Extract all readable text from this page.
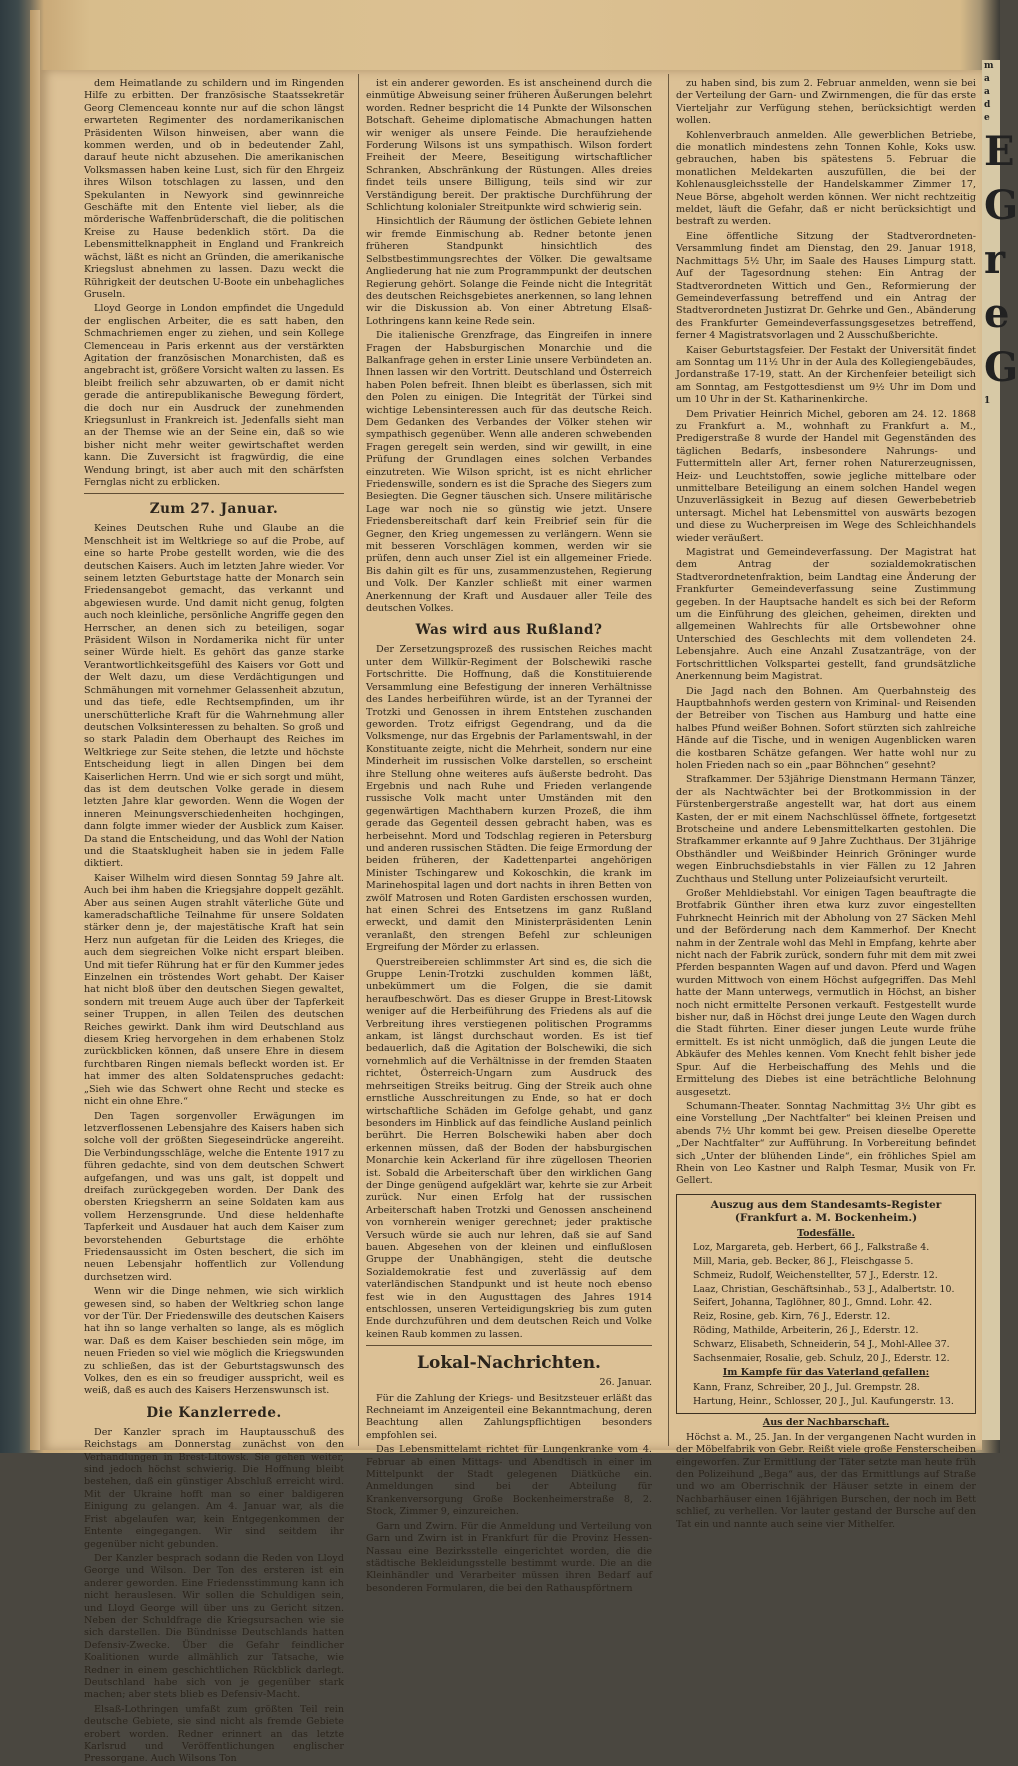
dem Heimatlande zu schildern und im Ringenden Hilfe zu erbitten. Der französische Staatssekretär Georg Clemenceau konnte nur auf die schon längst erwarteten Regimenter des nordamerikanischen Präsidenten Wilson hinweisen, aber wann die kommen werden, und ob in bedeutender Zahl, darauf heute nicht abzusehen. Die amerikanischen Volksmassen haben keine Lust, sich für den Ehrgeiz ihres Wilson totschlagen zu lassen, und den Spekulanten in Newyork sind gewinnreiche Geschäfte mit den Entente viel lieber, als die mörderische Waffenbrüderschaft, die die politischen Kreise zu Hause bedenklich stört. Da die Lebensmittelknappheit in England und Frankreich wächst, läßt es nicht an Gründen, die amerikanische Kriegslust abnehmen zu lassen. Dazu weckt die Rührigkeit der deutschen U-Boote ein unbehagliches Gruseln.

Lloyd George in London empfindet die Ungeduld der englischen Arbeiter, die es satt haben, den Schmachriemen enger zu ziehen, und sein Kollege Clemenceau in Paris erkennt aus der verstärkten Agitation der französischen Monarchisten, daß es angebracht ist, größere Vorsicht walten zu lassen. Es bleibt freilich sehr abzuwarten, ob er damit nicht gerade die antirepublikanische Bewegung fördert, die doch nur ein Ausdruck der zunehmenden Kriegsunlust in Frankreich ist. Jedenfalls sieht man an der Themse wie an der Seine ein, daß so wie bisher nicht mehr weiter gewirtschaftet werden kann. Die Zuversicht ist fragwürdig, die eine Wendung bringt, ist aber auch mit den schärfsten Fernglas nicht zu erblicken.

Zum 27. Januar.

Keines Deutschen Ruhe und Glaube an die Menschheit ist im Weltkriege so auf die Probe, auf eine so harte Probe gestellt worden, wie die des deutschen Kaisers. Auch im letzten Jahre wieder. Vor seinem letzten Geburtstage hatte der Monarch sein Friedensangebot gemacht, das verkannt und abgewiesen wurde. Und damit nicht genug, folgten auch noch kleinliche, persönliche Angriffe gegen den Herrscher, an denen sich zu beteiligen, sogar Präsident Wilson in Nordamerika nicht für unter seiner Würde hielt. Es gehört das ganze starke Verantwortlichkeitsgefühl des Kaisers vor Gott und der Welt dazu, um diese Verdächtigungen und Schmähungen mit vornehmer Gelassenheit abzutun, und das tiefe, edle Rechtsempfinden, um ihr unerschütterliche Kraft für die Wahrnehmung aller deutschen Volksinteressen zu behalten. So groß und so stark Paladin dem Oberhaupt des Reiches im Weltkriege zur Seite stehen, die letzte und höchste Entscheidung liegt in allen Dingen bei dem Kaiserlichen Herrn. Und wie er sich sorgt und müht, das ist dem deutschen Volke gerade in diesem letzten Jahre klar geworden. Wenn die Wogen der inneren Meinungsverschiedenheiten hochgingen, dann folgte immer wieder der Ausblick zum Kaiser. Da stand die Entscheidung, und das Wohl der Nation und die Staatsklugheit haben sie in jedem Falle diktiert.

Kaiser Wilhelm wird diesen Sonntag 59 Jahre alt. Auch bei ihm haben die Kriegsjahre doppelt gezählt. Aber aus seinen Augen strahlt väterliche Güte und kameradschaftliche Teilnahme für unsere Soldaten stärker denn je, der majestätische Kraft hat sein Herz nun aufgetan für die Leiden des Krieges, die auch dem siegreichen Volke nicht erspart bleiben. Und mit tiefer Rührung hat er für den Kummer jedes Einzelnen ein tröstendes Wort gehabt. Der Kaiser hat nicht bloß über den deutschen Siegen gewaltet, sondern mit treuem Auge auch über der Tapferkeit seiner Truppen, in allen Teilen des deutschen Reiches gewirkt. Dank ihm wird Deutschland aus diesem Krieg hervorgehen in dem erhabenen Stolz zurückblicken können, daß unsere Ehre in diesem furchtbaren Ringen niemals befleckt worden ist. Er hat immer des alten Soldatenspruches gedacht: „Sieh wie das Schwert ohne Recht und stecke es nicht ein ohne Ehre.“

Den Tagen sorgenvoller Erwägungen im letzverflossenen Lebensjahre des Kaisers haben sich solche voll der größten Siegeseindrücke angereiht. Die Verbindungsschläge, welche die Entente 1917 zu führen gedachte, sind von dem deutschen Schwert aufgefangen, und was uns galt, ist doppelt und dreifach zurückgegeben worden. Der Dank des obersten Kriegsherrn an seine Soldaten kam aus vollem Herzensgrunde. Und diese heldenhafte Tapferkeit und Ausdauer hat auch dem Kaiser zum bevorstehenden Geburtstage die erhöhte Friedensaussicht im Osten beschert, die sich im neuen Lebensjahr hoffentlich zur Vollendung durchsetzen wird.

Wenn wir die Dinge nehmen, wie sich wirklich gewesen sind, so haben der Weltkrieg schon lange vor der Tür. Der Friedenswille des deutschen Kaisers hat ihn so lange verhalten so lange, als es möglich war. Daß es dem Kaiser beschieden sein möge, im neuen Frieden so viel wie möglich die Kriegswunden zu schließen, das ist der Geburtstagswunsch des Volkes, den es ein so freudiger ausspricht, weil es weiß, daß es auch des Kaisers Herzenswunsch ist.

Die Kanzlerrede.

Der Kanzler sprach im Hauptausschuß des Reichstags am Donnerstag zunächst von den Verhandlungen in Brest-Litowsk. Sie gehen weiter, sind jedoch höchst schwierig. Die Hoffnung bleibt bestehen, daß ein günstiger Abschluß erreicht wird. Mit der Ukraine hofft man so einer baldigeren Einigung zu gelangen. Am 4. Januar war, als die Frist abgelaufen war, kein Entgegenkommen der Entente eingegangen. Wir sind seitdem ihr gegenüber nicht gebunden.

Der Kanzler besprach sodann die Reden von Lloyd George und Wilson. Der Ton des ersteren ist ein anderer geworden. Eine Friedensstimmung kann ich nicht herauslesen. Wir sollen die Schuldigen sein, und Lloyd George will über uns zu Gericht sitzen. Neben der Schuldfrage die Kriegsursachen wie sie sich darstellen. Die Bündnisse Deutschlands hatten Defensiv-Zwecke. Über die Gefahr feindlicher Koalitionen wurde allmählich zur Tatsache, wie Redner in einem geschichtlichen Rückblick darlegt. Deutschland habe sich von je gegenüber stark machen; aber stets blieb es Defensiv-Macht.

Elsaß-Lothringen umfaßt zum größten Teil rein deutsche Gebiete, sie sind nicht als fremde Gebiete erobert worden. Redner erinnert an das letzte Karlsrud und Veröffentlichungen englischer Pressorgane. Auch Wilsons Ton

ist ein anderer geworden. Es ist anscheinend durch die einmütige Abweisung seiner früheren Äußerungen belehrt worden. Redner bespricht die 14 Punkte der Wilsonschen Botschaft. Geheime diplomatische Abmachungen hatten wir weniger als unsere Feinde. Die heraufziehende Forderung Wilsons ist uns sympathisch. Wilson fordert Freiheit der Meere, Beseitigung wirtschaftlicher Schranken, Abschränkung der Rüstungen. Alles dreies findet teils unsere Billigung, teils sind wir zur Verständigung bereit. Der praktische Durchführung der Schlichtung kolonialer Streitpunkte wird schwierig sein.

Hinsichtlich der Räumung der östlichen Gebiete lehnen wir fremde Einmischung ab. Redner betonte jenen früheren Standpunkt hinsichtlich des Selbstbestimmungsrechtes der Völker. Die gewaltsame Angliederung hat nie zum Programmpunkt der deutschen Regierung gehört. Solange die Feinde nicht die Integrität des deutschen Reichsgebietes anerkennen, so lang lehnen wir die Diskussion ab. Von einer Abtretung Elsaß-Lothringens kann keine Rede sein.

Die italienische Grenzfrage, das Eingreifen in innere Fragen der Habsburgischen Monarchie und die Balkanfrage gehen in erster Linie unsere Verbündeten an. Ihnen lassen wir den Vortritt. Deutschland und Österreich haben Polen befreit. Ihnen bleibt es überlassen, sich mit den Polen zu einigen. Die Integrität der Türkei sind wichtige Lebensinteressen auch für das deutsche Reich. Dem Gedanken des Verbandes der Völker stehen wir sympathisch gegenüber. Wenn alle anderen schwebenden Fragen geregelt sein werden, sind wir gewillt, in eine Prüfung der Grundlagen eines solchen Verbandes einzutreten. Wie Wilson spricht, ist es nicht ehrlicher Friedenswille, sondern es ist die Sprache des Siegers zum Besiegten. Die Gegner täuschen sich. Unsere militärische Lage war noch nie so günstig wie jetzt. Unsere Friedensbereitschaft darf kein Freibrief sein für die Gegner, den Krieg ungemessen zu verlängern. Wenn sie mit besseren Vorschlägen kommen, werden wir sie prüfen, denn auch unser Ziel ist ein allgemeiner Friede. Bis dahin gilt es für uns, zusammenzustehen, Regierung und Volk. Der Kanzler schließt mit einer warmen Anerkennung der Kraft und Ausdauer aller Teile des deutschen Volkes.

Was wird aus Rußland?

Der Zersetzungsprozeß des russischen Reiches macht unter dem Willkür-Regiment der Bolschewiki rasche Fortschritte. Die Hoffnung, daß die Konstituierende Versammlung eine Befestigung der inneren Verhältnisse des Landes herbeiführen würde, ist an der Tyrannei der Trotzki und Genossen in ihrem Entstehen zuschanden geworden. Trotz eifrigst Gegendrang, und da die Volksmenge, nur das Ergebnis der Parlamentswahl, in der Konstituante zeigte, nicht die Mehrheit, sondern nur eine Minderheit im russischen Volke darstellen, so erscheint ihre Stellung ohne weiteres aufs äußerste bedroht. Das Ergebnis und nach Ruhe und Frieden verlangende russische Volk macht unter Umständen mit den gegenwärtigen Machthabern kurzen Prozeß, die ihm gerade das Gegenteil dessen gebracht haben, was es herbeisehnt. Mord und Todschlag regieren in Petersburg und anderen russischen Städten. Die feige Ermordung der beiden früheren, der Kadettenpartei angehörigen Minister Tschingarew und Kokoschkin, die krank im Marinehospital lagen und dort nachts in ihren Betten von zwölf Matrosen und Roten Gardisten erschossen wurden, hat einen Schrei des Entsetzens im ganz Rußland erweckt, und damit den Ministerpräsidenten Lenin veranlaßt, den strengen Befehl zur schleunigen Ergreifung der Mörder zu erlassen.

Querstreibereien schlimmster Art sind es, die sich die Gruppe Lenin-Trotzki zuschulden kommen läßt, unbekümmert um die Folgen, die sie damit heraufbeschwört. Das es dieser Gruppe in Brest-Litowsk weniger auf die Herbeiführung des Friedens als auf die Verbreitung ihres verstiegenen politischen Programms ankam, ist längst durchschaut worden. Es ist tief bedauerlich, daß die Agitation der Bolschewiki, die sich vornehmlich auf die Verhältnisse in der fremden Staaten richtet, Österreich-Ungarn zum Ausdruck des mehrseitigen Streiks beitrug. Ging der Streik auch ohne ernstliche Ausschreitungen zu Ende, so hat er doch wirtschaftliche Schäden im Gefolge gehabt, und ganz besonders im Hinblick auf das feindliche Ausland peinlich berührt. Die Herren Bolschewiki haben aber doch erkennen müssen, daß der Boden der habsburgischen Monarchie kein Ackerland für ihre zügellosen Theorien ist. Sobald die Arbeiterschaft über den wirklichen Gang der Dinge genügend aufgeklärt war, kehrte sie zur Arbeit zurück. Nur einen Erfolg hat der russischen Arbeiterschaft haben Trotzki und Genossen anscheinend von vornherein weniger gerechnet; jeder praktische Versuch würde sie auch nur lehren, daß sie auf Sand bauen. Abgesehen von der kleinen und einflußlosen Gruppe der Unabhängigen, steht die deutsche Sozialdemokratie fest und zuverlässig auf dem vaterländischen Standpunkt und ist heute noch ebenso fest wie in den Augusttagen des Jahres 1914 entschlossen, unseren Verteidigungskrieg bis zum guten Ende durchzuführen und dem deutschen Reich und Volke keinen Raub kommen zu lassen.

Lokal-Nachrichten.
26. Januar.

Für die Zahlung der Kriegs- und Besitzsteuer erläßt das Rechneiamt im Anzeigenteil eine Bekanntmachung, deren Beachtung allen Zahlungspflichtigen besonders empfohlen sei.

Das Lebensmittelamt richtet für Lungenkranke vom 4. Februar ab einen Mittags- und Abendtisch in einer im Mittelpunkt der Stadt gelegenen Diätküche ein. Anmeldungen sind bei der Abteilung für Krankenversorgung Große Bockenheimerstraße 8, 2. Stock, Zimmer 9, einzureichen.

Garn und Zwirn. Für die Anmeldung und Verteilung von Garn und Zwirn ist in Frankfurt für die Provinz Hessen-Nassau eine Bezirksstelle eingerichtet worden, die die städtische Bekleidungsstelle bestimmt wurde. Die an die Kleinhändler und Verarbeiter müssen ihren Bedarf auf besonderen Formularen, die bei den Rathauspförtnern

zu haben sind, bis zum 2. Februar anmelden, wenn sie bei der Verteilung der Garn- und Zwirnmengen, die für das erste Vierteljahr zur Verfügung stehen, berücksichtigt werden wollen.

Kohlenverbrauch anmelden. Alle gewerblichen Betriebe, die monatlich mindestens zehn Tonnen Kohle, Koks usw. gebrauchen, haben bis spätestens 5. Februar die monatlichen Meldekarten auszufüllen, die bei der Kohlenausgleichsstelle der Handelskammer Zimmer 17, Neue Börse, abgeholt werden können. Wer nicht rechtzeitig meldet, läuft die Gefahr, daß er nicht berücksichtigt und bestraft zu werden.

Eine öffentliche Sitzung der Stadtverordneten-Versammlung findet am Dienstag, den 29. Januar 1918, Nachmittags 5½ Uhr, im Saale des Hauses Limpurg statt. Auf der Tagesordnung stehen: Ein Antrag der Stadtverordneten Wittich und Gen., Reformierung der Gemeindeverfassung betreffend und ein Antrag der Stadtverordneten Justizrat Dr. Gehrke und Gen., Abänderung des Frankfurter Gemeindeverfassungsgesetzes betreffend, ferner 4 Magistratsvorlagen und 2 Ausschußberichte.

Kaiser Geburtstagsfeier. Der Festakt der Universität findet am Sonntag um 11½ Uhr in der Aula des Kollegiengebäudes, Jordanstraße 17-19, statt. An der Kirchenfeier beteiligt sich am Sonntag, am Festgottesdienst um 9½ Uhr im Dom und um 10 Uhr in der St. Katharinenkirche.

Dem Privatier Heinrich Michel, geboren am 24. 12. 1868 zu Frankfurt a. M., wohnhaft zu Frankfurt a. M., Predigerstraße 8 wurde der Handel mit Gegenständen des täglichen Bedarfs, insbesondere Nahrungs- und Futtermitteln aller Art, ferner rohen Naturerzeugnissen, Heiz- und Leuchtstoffen, sowie jegliche mittelbare oder unmittelbare Beteiligung an einem solchen Handel wegen Unzuverlässigkeit in Bezug auf diesen Gewerbebetrieb untersagt. Michel hat Lebensmittel von auswärts bezogen und diese zu Wucherpreisen im Wege des Schleichhandels wieder veräußert.

Magistrat und Gemeindeverfassung. Der Magistrat hat dem Antrag der sozialdemokratischen Stadtverordnetenfraktion, beim Landtag eine Änderung der Frankfurter Gemeindeverfassung seine Zustimmung gegeben. In der Hauptsache handelt es sich bei der Reform um die Einführung des gleichen, geheimen, direkten und allgemeinen Wahlrechts für alle Ortsbewohner ohne Unterschied des Geschlechts mit dem vollendeten 24. Lebensjahre. Auch eine Anzahl Zusatzanträge, von der Fortschrittlichen Volkspartei gestellt, fand grundsätzliche Anerkennung beim Magistrat.

Die Jagd nach den Bohnen. Am Querbahnsteig des Hauptbahnhofs werden gestern von Kriminal- und Reisenden der Betreiber von Tischen aus Hamburg und hatte eine halbes Pfund weißer Bohnen. Sofort stürzten sich zahlreiche Hände auf die Tische, und in wenigen Augenblicken waren die kostbaren Schätze gefangen. Wer hatte wohl nur zu holen Frieden nach so ein „paar Böhnchen“ gesehnt?

Strafkammer. Der 53jährige Dienstmann Hermann Tänzer, der als Nachtwächter bei der Brotkommission in der Fürstenbergerstraße angestellt war, hat dort aus einem Kasten, der er mit einem Nachschlüssel öffnete, fortgesetzt Brotscheine und andere Lebensmittelkarten gestohlen. Die Strafkammer erkannte auf 9 Jahre Zuchthaus. Der 31jährige Obsthändler und Weißbinder Heinrich Gröninger wurde wegen Einbruchsdiebstahls in vier Fällen zu 12 Jahren Zuchthaus und Stellung unter Polizeiaufsicht verurteilt.

Großer Mehldiebstahl. Vor einigen Tagen beauftragte die Brotfabrik Günther ihren etwa kurz zuvor eingestellten Fuhrknecht Heinrich mit der Abholung von 27 Säcken Mehl und der Beförderung nach dem Kammerhof. Der Knecht nahm in der Zentrale wohl das Mehl in Empfang, kehrte aber nicht nach der Fabrik zurück, sondern fuhr mit dem mit zwei Pferden bespannten Wagen auf und davon. Pferd und Wagen wurden Mittwoch von einem Höchst aufgegriffen. Das Mehl hatte der Mann unterwegs, vermutlich in Höchst, an bisher noch nicht ermittelte Personen verkauft. Festgestellt wurde bisher nur, daß in Höchst drei junge Leute den Wagen durch die Stadt führten. Einer dieser jungen Leute wurde frühe ermittelt. Es ist nicht unmöglich, daß die jungen Leute die Abkäufer des Mehles kennen. Vom Knecht fehlt bisher jede Spur. Auf die Herbeischaffung des Mehls und die Ermittelung des Diebes ist eine beträchtliche Belohnung ausgesetzt.

Schumann-Theater. Sonntag Nachmittag 3½ Uhr gibt es eine Vorstellung „Der Nachtfalter“ bei kleinen Preisen und abends 7½ Uhr kommt bei gew. Preisen dieselbe Operette „Der Nachtfalter“ zur Aufführung. In Vorbereitung befindet sich „Unter der blühenden Linde“, ein fröhliches Spiel am Rhein von Leo Kastner und Ralph Tesmar, Musik von Fr. Gellert.

Auszug aus dem Standesamts-Register (Frankfurt a. M. Bockenheim.)
Todesfälle.

Loz, Margareta, geb. Herbert, 66 J., Falkstraße 4.

Mill, Maria, geb. Becker, 86 J., Fleischgasse 5.

Schmeiz, Rudolf, Weichenstellter, 57 J., Ederstr. 12.

Laaz, Christian, Geschäftsinhab., 53 J., Adalbertstr. 10.

Seifert, Johanna, Taglöhner, 80 J., Gmnd. Lohr. 42.

Reiz, Rosine, geb. Kirn, 76 J., Ederstr. 12.

Röding, Mathilde, Arbeiterin, 26 J., Ederstr. 12.

Schwarz, Elisabeth, Schneiderin, 54 J., Mohl-Allee 37.

Sachsenmaier, Rosalie, geb. Schulz, 20 J., Ederstr. 12.

Im Kampfe für das Vaterland gefallen:

Kann, Franz, Schreiber, 20 J., Jul. Grempstr. 28.

Hartung, Heinr., Schlosser, 20 J., Jul. Kaufungerstr. 13.

Aus der Nachbarschaft.

Höchst a. M., 25. Jan. In der vergangenen Nacht wurden in der Möbelfabrik von Gebr. Reißt viele große Fensterscheiben eingeworfen. Zur Ermittlung der Täter setzte man heute früh den Polizeihund „Bega“ aus, der das Ermittlungs auf Straße und wo am Oberrischnik der Häuser setzte in einem der Nachbarhäuser einen 16jährigen Burschen, der noch im Bett schlief, zu verhellen. Vor lauter gestand der Bursche auf den Tat ein und nannte auch seine vier Mithelfer.

m
a
a
d
e
E
G
r
e
G
1
